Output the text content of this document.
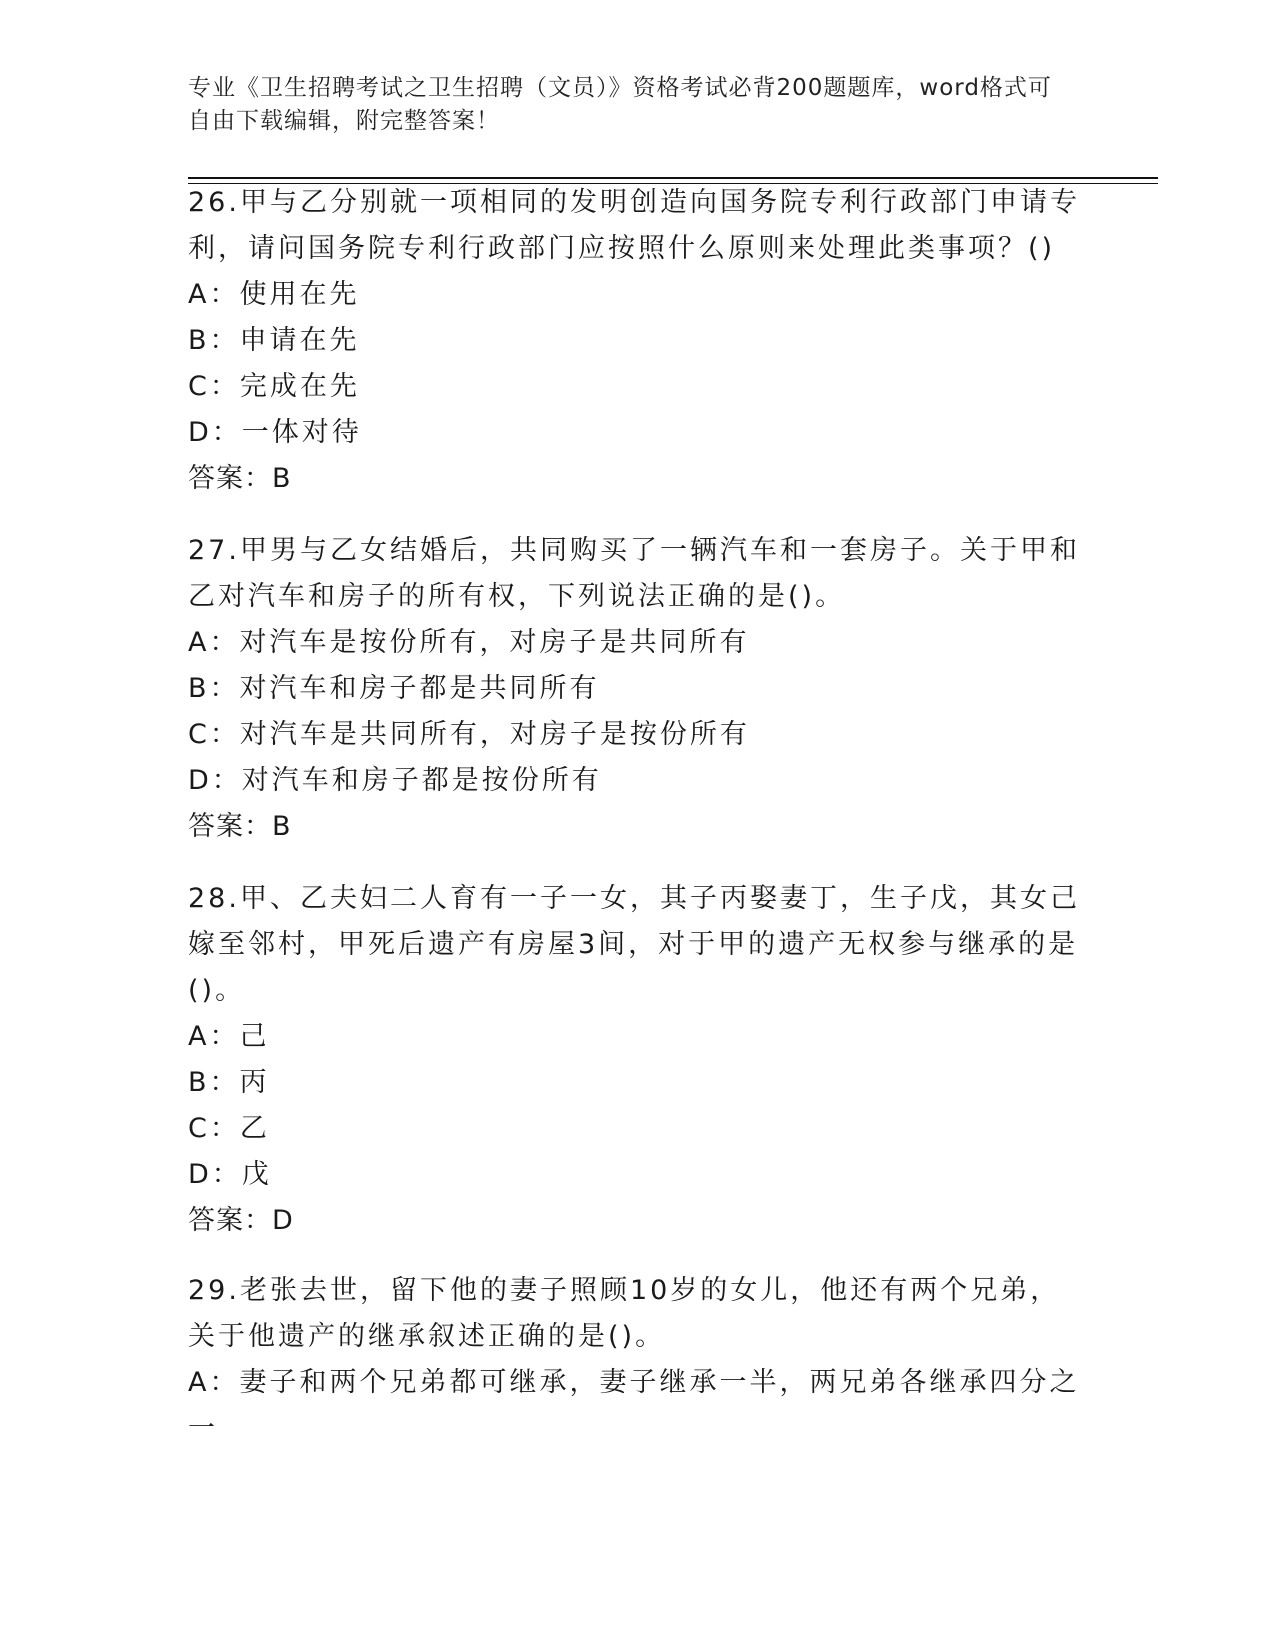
专业《卫生招聘考试之卫生招聘（文员）》资格考试必背200题题库，word格式可自由下载编辑，附完整答案！

26.甲与乙分别就一项相同的发明创造向国务院专利行政部门申请专利，请问国务院专利行政部门应按照什么原则来处理此类事项？()

A：使用在先

B：申请在先

C：完成在先

D：一体对待

答案：B

27.甲男与乙女结婚后，共同购买了一辆汽车和一套房子。关于甲和乙对汽车和房子的所有权，下列说法正确的是()。

A：对汽车是按份所有，对房子是共同所有

B：对汽车和房子都是共同所有

C：对汽车是共同所有，对房子是按份所有

D：对汽车和房子都是按份所有

答案：B

28.甲、乙夫妇二人育有一子一女，其子丙娶妻丁，生子戊，其女己嫁至邻村，甲死后遗产有房屋3间，对于甲的遗产无权参与继承的是()。

A：己

B：丙

C：乙

D：戊

答案：D

29.老张去世，留下他的妻子照顾10岁的女儿，他还有两个兄弟，关于他遗产的继承叙述正确的是()。

A：妻子和两个兄弟都可继承，妻子继承一半，两兄弟各继承四分之一
